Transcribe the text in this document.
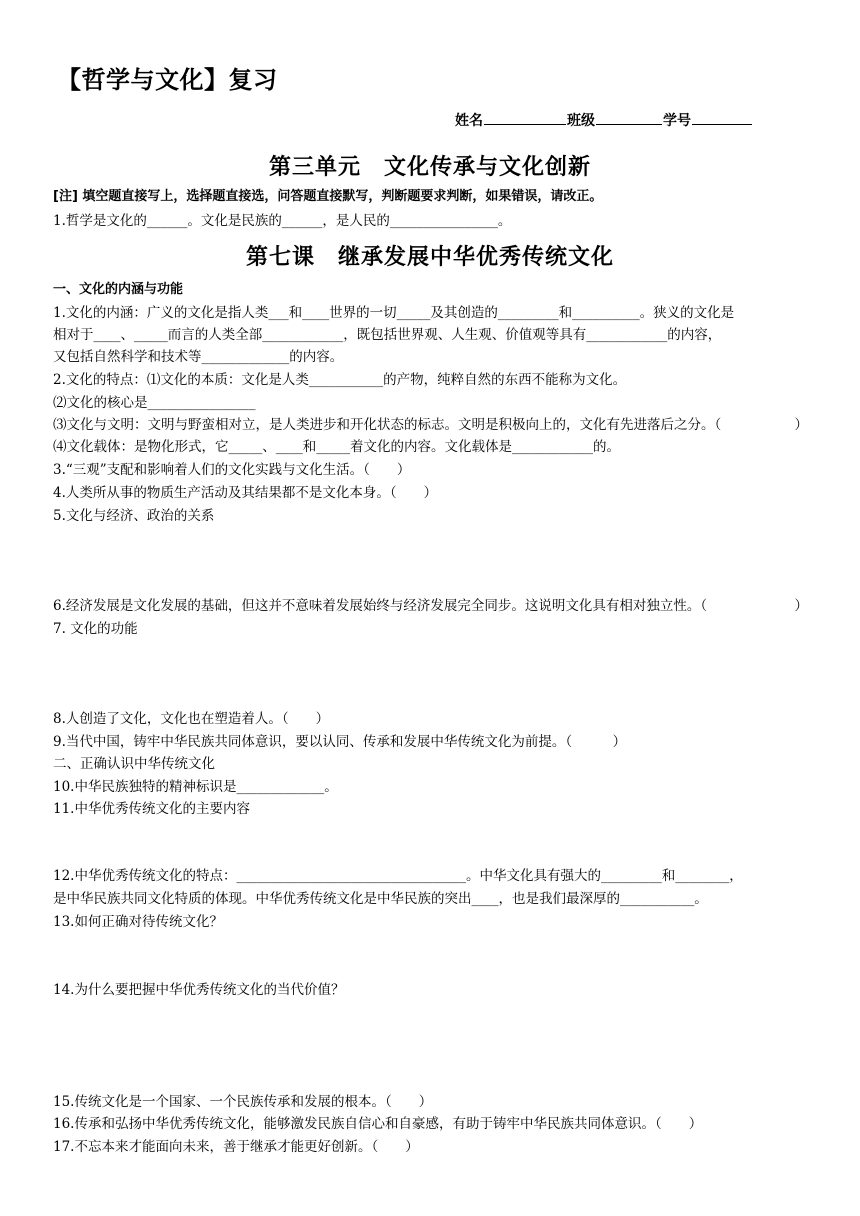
【哲学与文化】复习
姓名	班级	学号
第三单元　文化传承与文化创新
[注] 填空题直接写上，选择题直接选，问答题直接默写，判断题要求判断，如果错误，请改正。
1.哲学是文化的______。文化是民族的______，是人民的________________。
第七课　继承发展中华优秀传统文化
一、文化的内涵与功能
1.文化的内涵：广义的文化是指人类___和____世界的一切_____及其创造的_________和__________。狭义的文化是
相对于____、_____而言的人类全部____________，既包括世界观、人生观、价值观等具有____________的内容，
又包括自然科学和技术等_____________的内容。
2.文化的特点：⑴文化的本质：文化是人类___________的产物，纯粹自然的东西不能称为文化。
⑵文化的核心是________________
⑶文化与文明：文明与野蛮相对立，是人类进步和开化状态的标志。文明是积极向上的，文化有先进落后之分。（	）
⑷文化载体：是物化形式，它_____、____和_____着文化的内容。文化载体是____________的。
3.“三观”支配和影响着人们的文化实践与文化生活。（　　）
4.人类所从事的物质生产活动及其结果都不是文化本身。（　　）
5.文化与经济、政治的关系
6.经济发展是文化发展的基础，但这并不意味着发展始终与经济发展完全同步。这说明文化具有相对独立性。（	）
7. 文化的功能
8.人创造了文化，文化也在塑造着人。（　　）
9.当代中国，铸牢中华民族共同体意识，要以认同、传承和发展中华传统文化为前提。（　　　）
二、正确认识中华传统文化
10.中华民族独特的精神标识是_____________。
11.中华优秀传统文化的主要内容
12.中华优秀传统文化的特点：__________________________________。中华文化具有强大的_________和________，
是中华民族共同文化特质的体现。中华优秀传统文化是中华民族的突出____，也是我们最深厚的___________。
13.如何正确对待传统文化？
14.为什么要把握中华优秀传统文化的当代价值？
15.传统文化是一个国家、一个民族传承和发展的根本。（　　）
16.传承和弘扬中华优秀传统文化，能够激发民族自信心和自豪感，有助于铸牢中华民族共同体意识。（　　）
17.不忘本来才能面向未来，善于继承才能更好创新。（　　）
